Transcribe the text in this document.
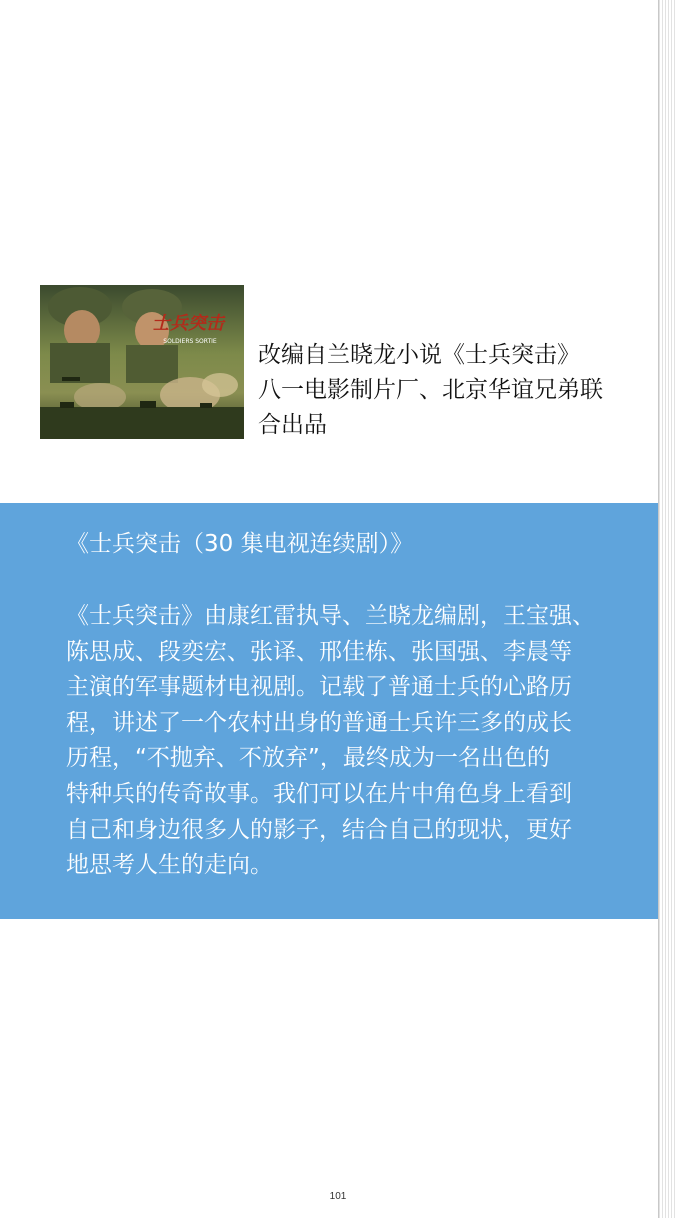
士兵突击
SOLDIERS SORTIE
改编自兰晓龙小说《士兵突击》
八一电影制片厂、北京华谊兄弟联
合出品
《士兵突击（30 集电视连续剧）》
《士兵突击》由康红雷执导、兰晓龙编剧，王宝强、
陈思成、段奕宏、张译、邢佳栋、张国强、李晨等
主演的军事题材电视剧。记载了普通士兵的心路历
程，讲述了一个农村出身的普通士兵许三多的成长
历程，“不抛弃、不放弃”，最终成为一名出色的
特种兵的传奇故事。我们可以在片中角色身上看到
自己和身边很多人的影子，结合自己的现状，更好
地思考人生的走向。
101
